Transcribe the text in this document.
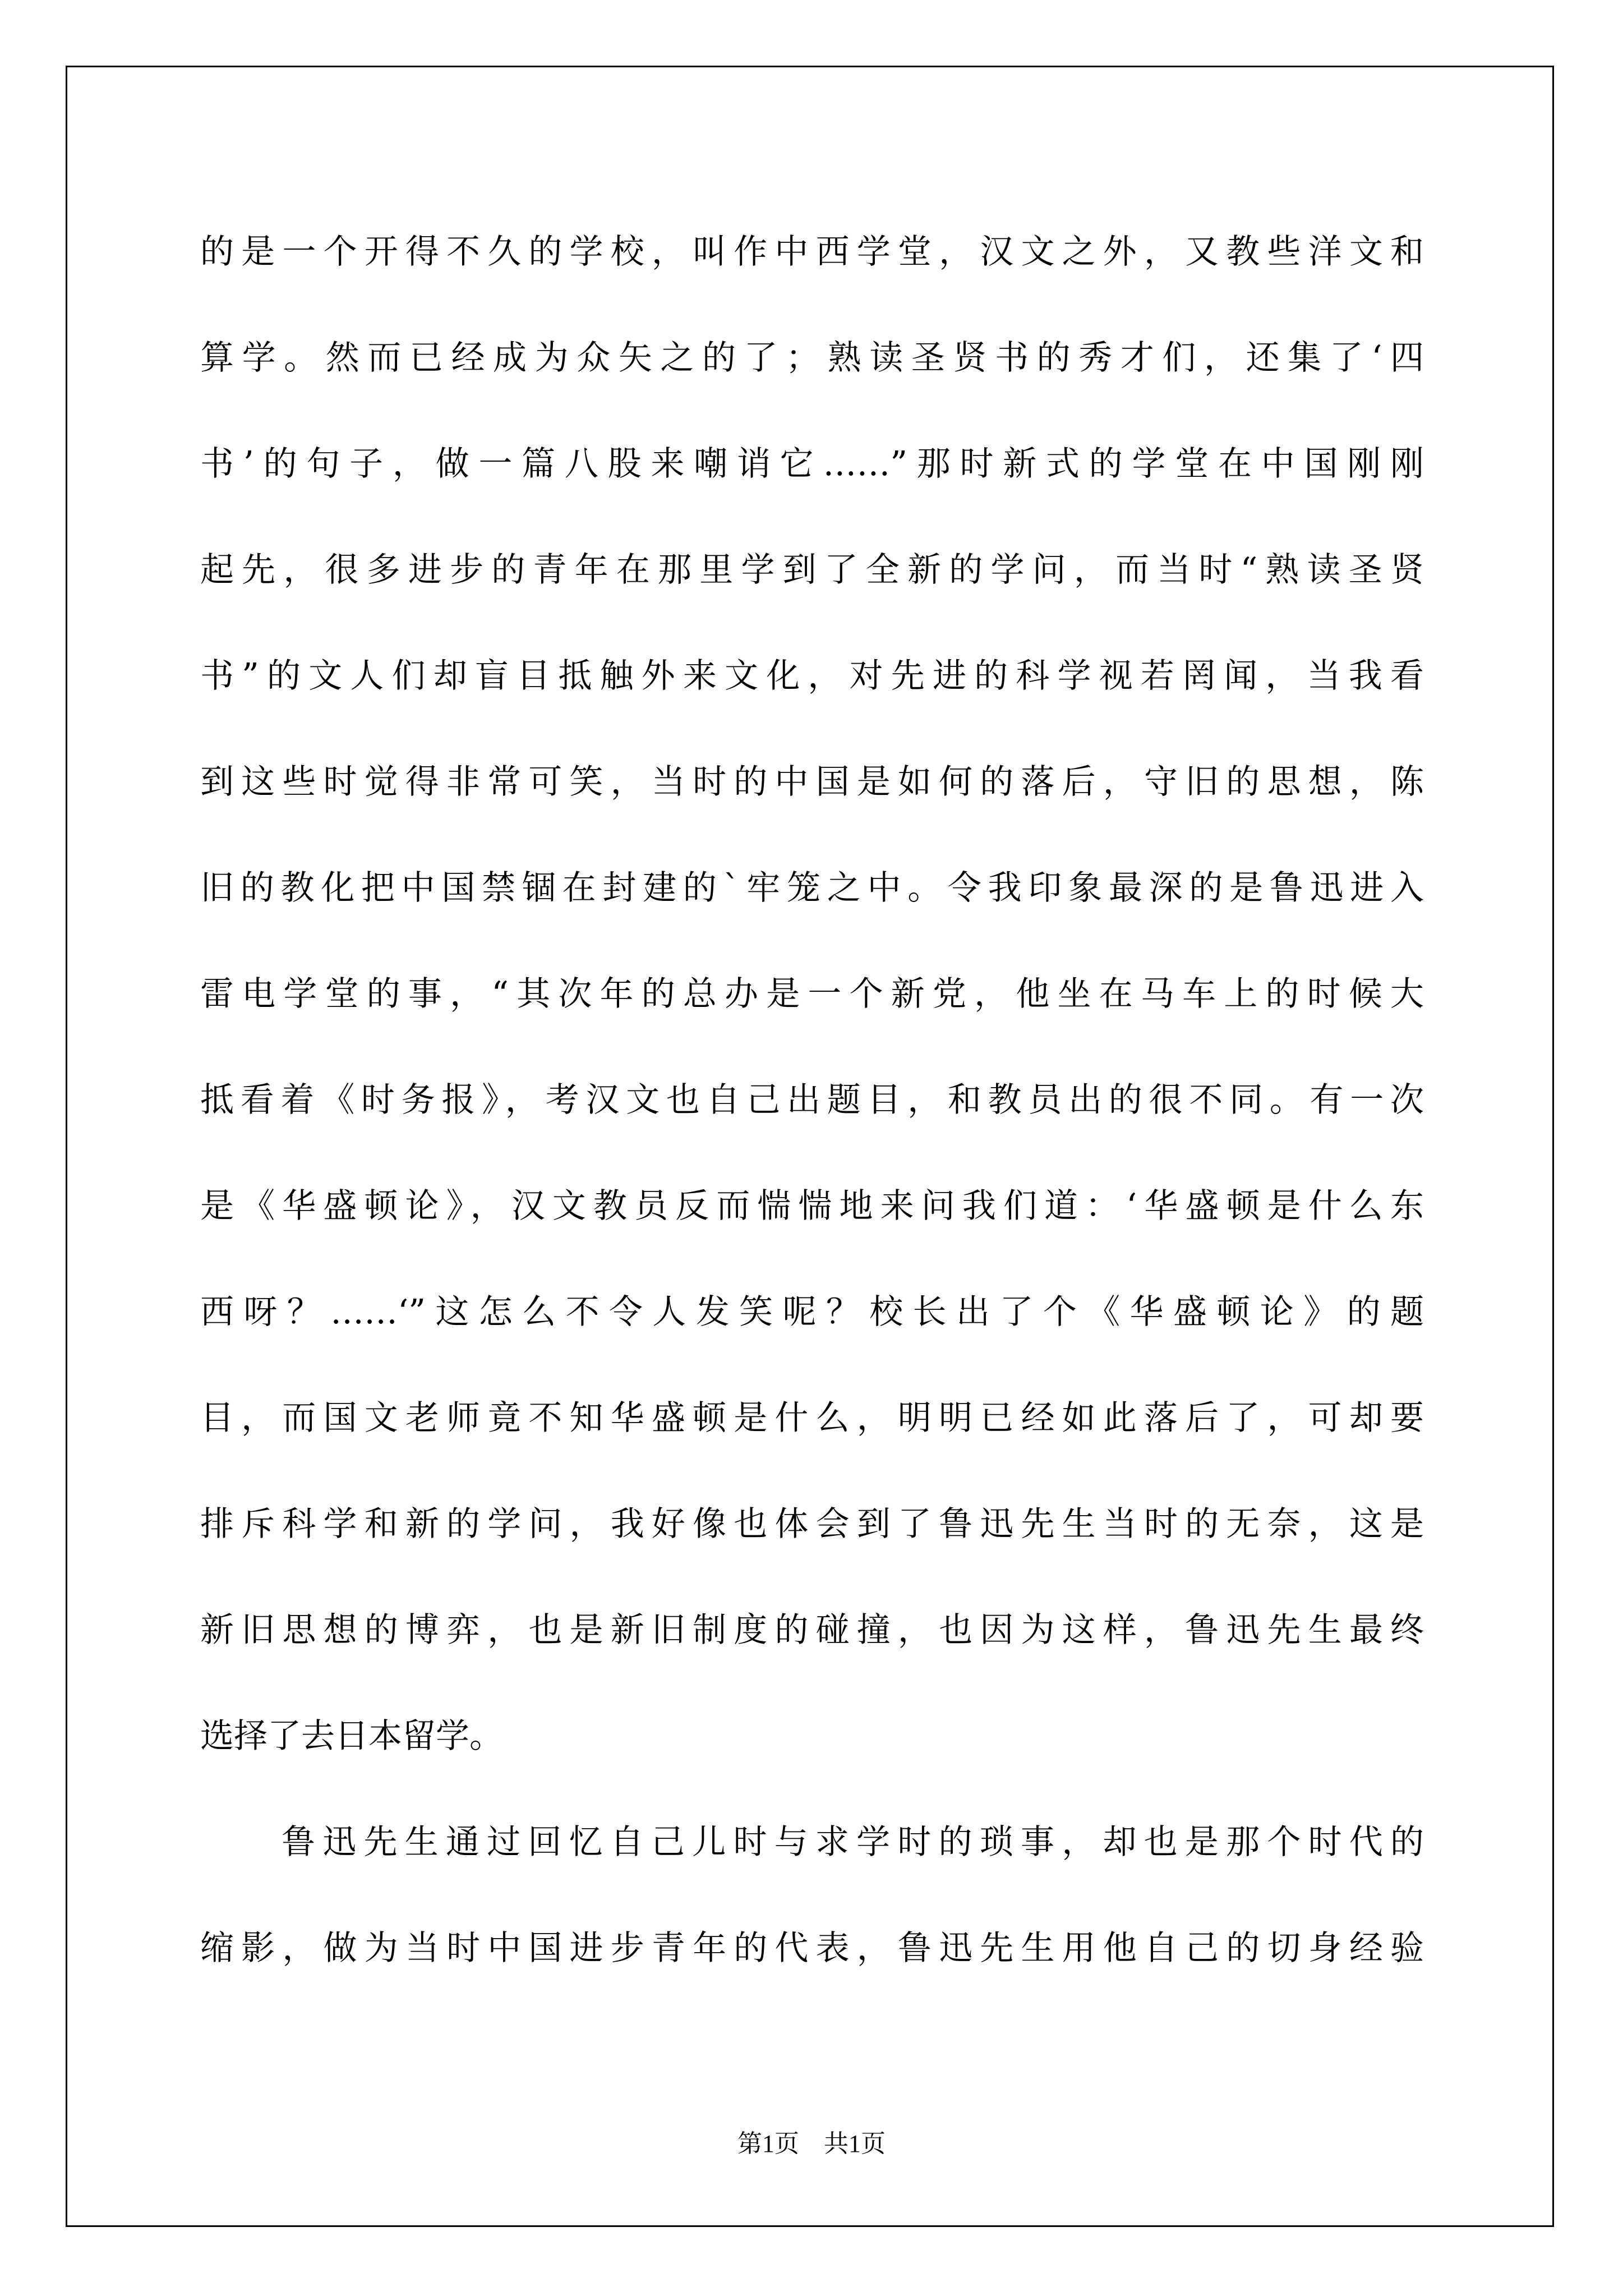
的是一个开得不久的学校，叫作中西学堂，汉文之外，又教些洋文和
算学。然而已经成为众矢之的了；熟读圣贤书的秀才们，还集了‘四
书’的句子，做一篇八股来嘲诮它……”那时新式的学堂在中国刚刚
起先，很多进步的青年在那里学到了全新的学问，而当时“熟读圣贤
书”的文人们却盲目抵触外来文化，对先进的科学视若罔闻，当我看
到这些时觉得非常可笑，当时的中国是如何的落后，守旧的思想，陈
旧的教化把中国禁锢在封建的`牢笼之中。令我印象最深的是鲁迅进入
雷电学堂的事，“其次年的总办是一个新党，他坐在马车上的时候大
抵看着《时务报》，考汉文也自己出题目，和教员出的很不同。有一次
是《华盛顿论》，汉文教员反而惴惴地来问我们道：‘华盛顿是什么东
西呀？……‘”这怎么不令人发笑呢？校长出了个《华盛顿论》的题
目，而国文老师竟不知华盛顿是什么，明明已经如此落后了，可却要
排斥科学和新的学问，我好像也体会到了鲁迅先生当时的无奈，这是
新旧思想的博弈，也是新旧制度的碰撞，也因为这样，鲁迅先生最终
选择了去日本留学。
鲁迅先生通过回忆自己儿时与求学时的琐事，却也是那个时代的
缩影，做为当时中国进步青年的代表，鲁迅先生用他自己的切身经验
第1页　共1页
